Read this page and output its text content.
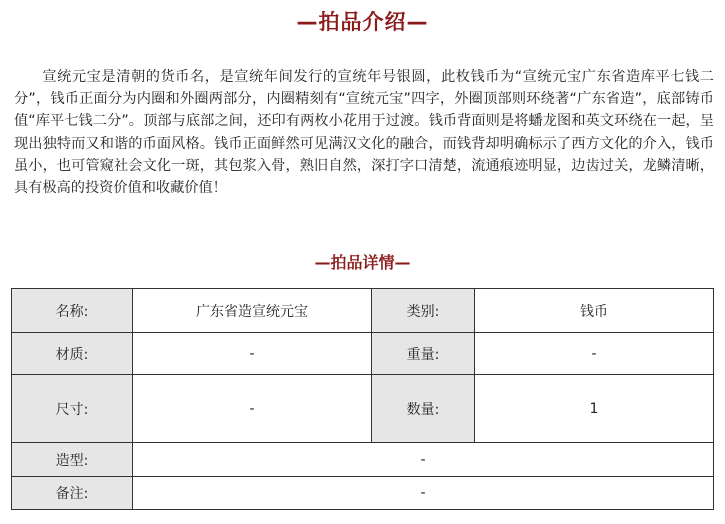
—拍品介绍—

宣统元宝是清朝的货币名，是宣统年间发行的宣统年号银圆，此枚钱币为“宣统元宝广东省造库平七钱二分”，钱币正面分为内圈和外圈两部分，内圈精刻有“宣统元宝”四字，外圈顶部则环绕著“广东省造”，底部铸币值“库平七钱二分”。顶部与底部之间，还印有两枚小花用于过渡。钱币背面则是将蟠龙图和英文环绕在一起，呈现出独特而又和谐的币面风格。钱币正面鲜然可见满汉文化的融合，而钱背却明确标示了西方文化的介入，钱币虽小，也可管窥社会文化一斑，其包浆入骨，熟旧自然，深打字口清楚，流通痕迹明显，边齿过关，龙鳞清晰，具有极高的投资价值和收藏价值！

—拍品详情—
名称:	广东省造宣统元宝	类别:	钱币
材质:	-	重量:	-
尺寸:	-	数量:	1
造型:	-		
备注:	-		
